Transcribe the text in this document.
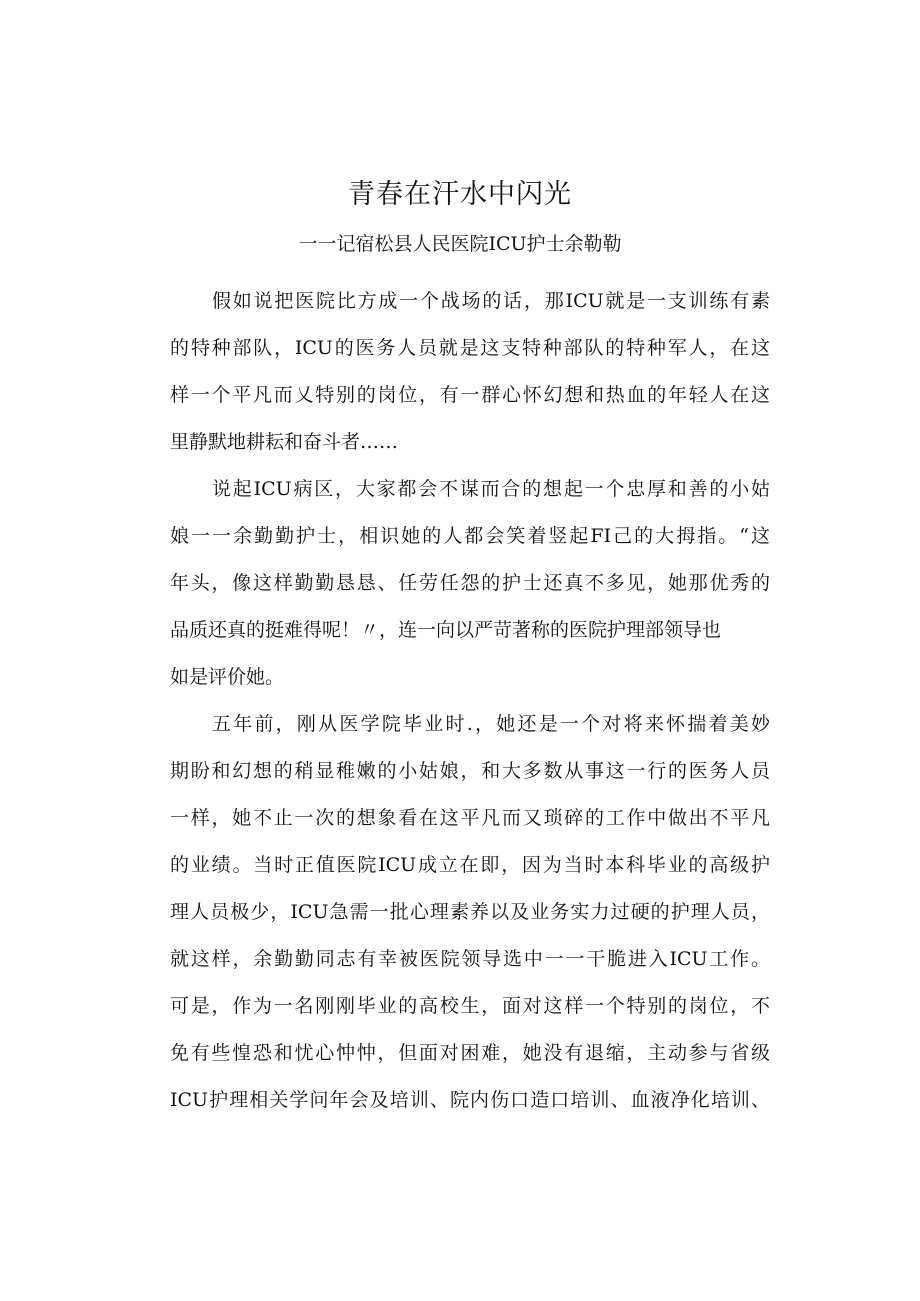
青春在汗水中闪光
一一记宿松县人民医院ICU护士余勒勒

假如说把医院比方成一个战场的话，那ICU就是一支训练有素
的特种部队，ICU的医务人员就是这支特种部队的特种军人，在这
样一个平凡而乂特别的岗位，有一群心怀幻想和热血的年轻人在这
里静默地耕耘和奋斗者……

说起ICU病区，大家都会不谋而合的想起一个忠厚和善的小姑
娘一一余勤勤护士，相识她的人都会笑着竖起FI己的大拇指。“这
年头，像这样勤勤恳恳、任劳任怨的护士还真不多见，她那优秀的
品质还真的挺难得呢！〃，连一向以严苛著称的医院护理部领导也
如是评价她。

五年前，刚从医学院毕业时.，她还是一个对将来怀揣着美妙
期盼和幻想的稍显稚嫩的小姑娘，和大多数从事这一行的医务人员
一样，她不止一次的想象看在这平凡而又琐碎的工作中做出不平凡
的业绩。当时正值医院ICU成立在即，因为当时本科毕业的高级护
理人员极少，ICU急需一批心理素养以及业务实力过硬的护理人员，
就这样，余勤勤同志有幸被医院领导选中一一干脆进入ICU工作。
可是，作为一名刚刚毕业的高校生，面对这样一个特别的岗位，不
免有些惶恐和忧心忡忡，但面对困难，她没有退缩，主动参与省级
ICU护理相关学问年会及培训、院内伤口造口培训、血液净化培训、
